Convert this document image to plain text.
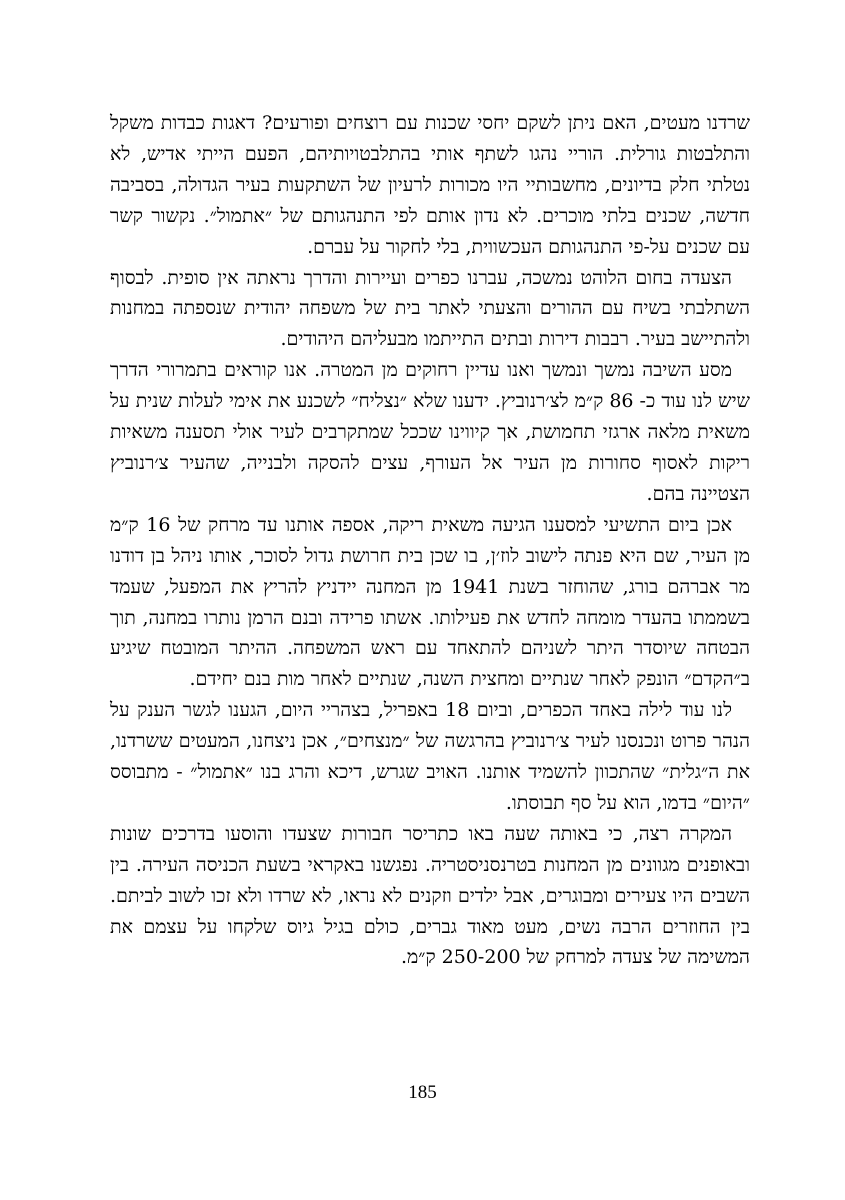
שרדנו מעטים, האם ניתן לשקם יחסי שכנות עם רוצחים ופורעים? דאגות כבדות משקל והתלבטות גורלית. הוריי נהגו לשתף אותי בהתלבטויותיהם, הפעם הייתי אדיש, לא נטלתי חלק בדיונים, מחשבותיי היו מכורות לרעיון של השתקעות בעיר הגדולה, בסביבה חדשה, שכנים בלתי מוכרים. לא נדון אותם לפי התנהגותם של ״אתמול״. נקשור קשר עם שכנים על-פי התנהגותם העכשווית, בלי לחקור על עברם.

הצעדה בחום הלוהט נמשכה, עברנו כפרים ועיירות והדרך נראתה אין סופית. לבסוף השתלבתי בשיח עם ההורים והצעתי לאתר בית של משפחה יהודית שנספתה במחנות ולהתיישב בעיר. רבבות דירות ובתים התייתמו מבעליהם היהודים.

מסע השיבה נמשך ונמשך ואנו עדיין רחוקים מן המטרה. אנו קוראים בתמרורי הדרך שיש לנו עוד כ- 86 ק״מ לצ׳רנוביץ. ידענו שלא ״נצליח״ לשכנע את אימי לעלות שנית על משאית מלאה ארגזי תחמושת, אך קיווינו שככל שמתקרבים לעיר אולי תסענה משאיות ריקות לאסוף סחורות מן העיר אל העורף, עצים להסקה ולבנייה, שהעיר צ׳רנוביץ הצטיינה בהם.

אכן ביום התשיעי למסענו הגיעה משאית ריקה, אספה אותנו עד מרחק של 16 ק״מ מן העיר, שם היא פנתה לישוב לוז׳ן, בו שכן בית חרושת גדול לסוכר, אותו ניהל בן דודנו מר אברהם בורג, שהוחזר בשנת 1941 מן המחנה יידניץ להריץ את המפעל, שעמד בשממתו בהעדר מומחה לחדש את פעילותו. אשתו פרידה ובנם הרמן נותרו במחנה, תוך הבטחה שיוסדר היתר לשניהם להתאחד עם ראש המשפחה. ההיתר המובטח שיגיע ב״הקדם״ הונפק לאחר שנתיים ומחצית השנה, שנתיים לאחר מות בנם יחידם.

לנו עוד לילה באחד הכפרים, וביום 18 באפריל, בצהריי היום, הגענו לגשר הענק על הנהר פרוט ונכנסנו לעיר צ׳רנוביץ בהרגשה של ״מנצחים״, אכן ניצחנו, המעטים ששרדנו, את ה״גלית״ שהתכוון להשמיד אותנו. האויב שגרש, דיכא והרג בנו ״אתמול״ - מתבוסס ״היום״ בדמו, הוא על סף תבוסתו.

המקרה רצה, כי באותה שעה באו כתריסר חבורות שצעדו והוסעו בדרכים שונות ובאופנים מגוונים מן המחנות בטרנסניסטריה. נפגשנו באקראי בשעת הכניסה העירה. בין השבים היו צעירים ומבוגרים, אבל ילדים וזקנים לא נראו, לא שרדו ולא זכו לשוב לביתם. בין החוזרים הרבה נשים, מעט מאוד גברים, כולם בגיל גיוס שלקחו על עצמם את המשימה של צעדה למרחק של 250-200 ק״מ.

185
